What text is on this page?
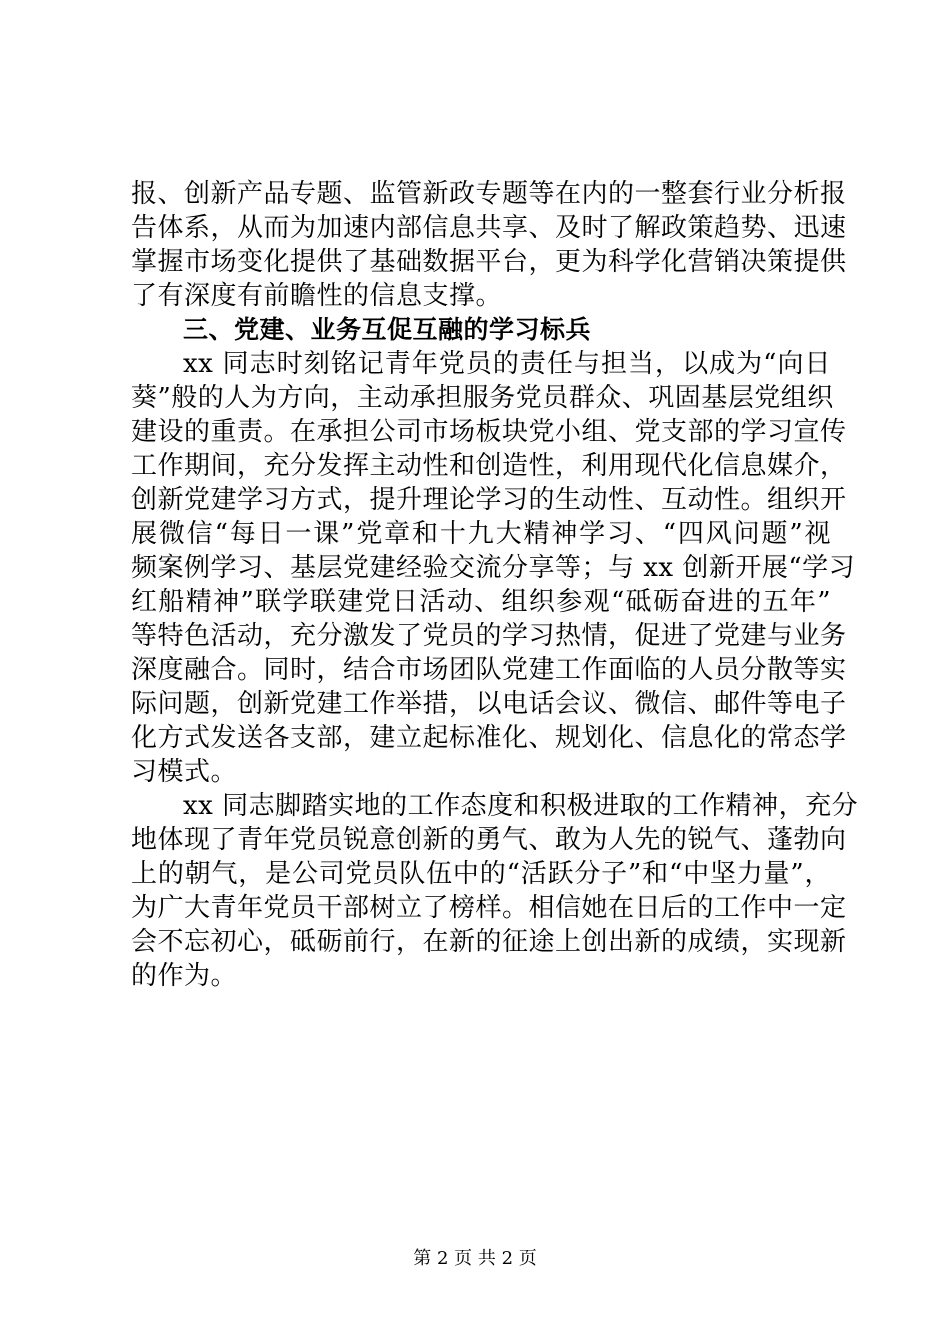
报、创新产品专题、监管新政专题等在内的一整套行业分析报
告体系，从而为加速内部信息共享、及时了解政策趋势、迅速
掌握市场变化提供了基础数据平台，更为科学化营销决策提供
了有深度有前瞻性的信息支撑。
三、党建、业务互促互融的学习标兵
xx 同志时刻铭记青年党员的责任与担当，以成为“向日
葵”般的人为方向，主动承担服务党员群众、巩固基层党组织
建设的重责。在承担公司市场板块党小组、党支部的学习宣传
工作期间，充分发挥主动性和创造性，利用现代化信息媒介，
创新党建学习方式，提升理论学习的生动性、互动性。组织开
展微信“每日一课”党章和十九大精神学习、“四风问题”视
频案例学习、基层党建经验交流分享等；与 xx 创新开展“学习
红船精神”联学联建党日活动、组织参观“砥砺奋进的五年”
等特色活动，充分激发了党员的学习热情，促进了党建与业务
深度融合。同时，结合市场团队党建工作面临的人员分散等实
际问题，创新党建工作举措，以电话会议、微信、邮件等电子
化方式发送各支部，建立起标准化、规划化、信息化的常态学
习模式。
xx 同志脚踏实地的工作态度和积极进取的工作精神，充分
地体现了青年党员锐意创新的勇气、敢为人先的锐气、蓬勃向
上的朝气，是公司党员队伍中的“活跃分子”和“中坚力量”，
为广大青年党员干部树立了榜样。相信她在日后的工作中一定
会不忘初心，砥砺前行，在新的征途上创出新的成绩，实现新
的作为。
第 2 页 共 2 页
